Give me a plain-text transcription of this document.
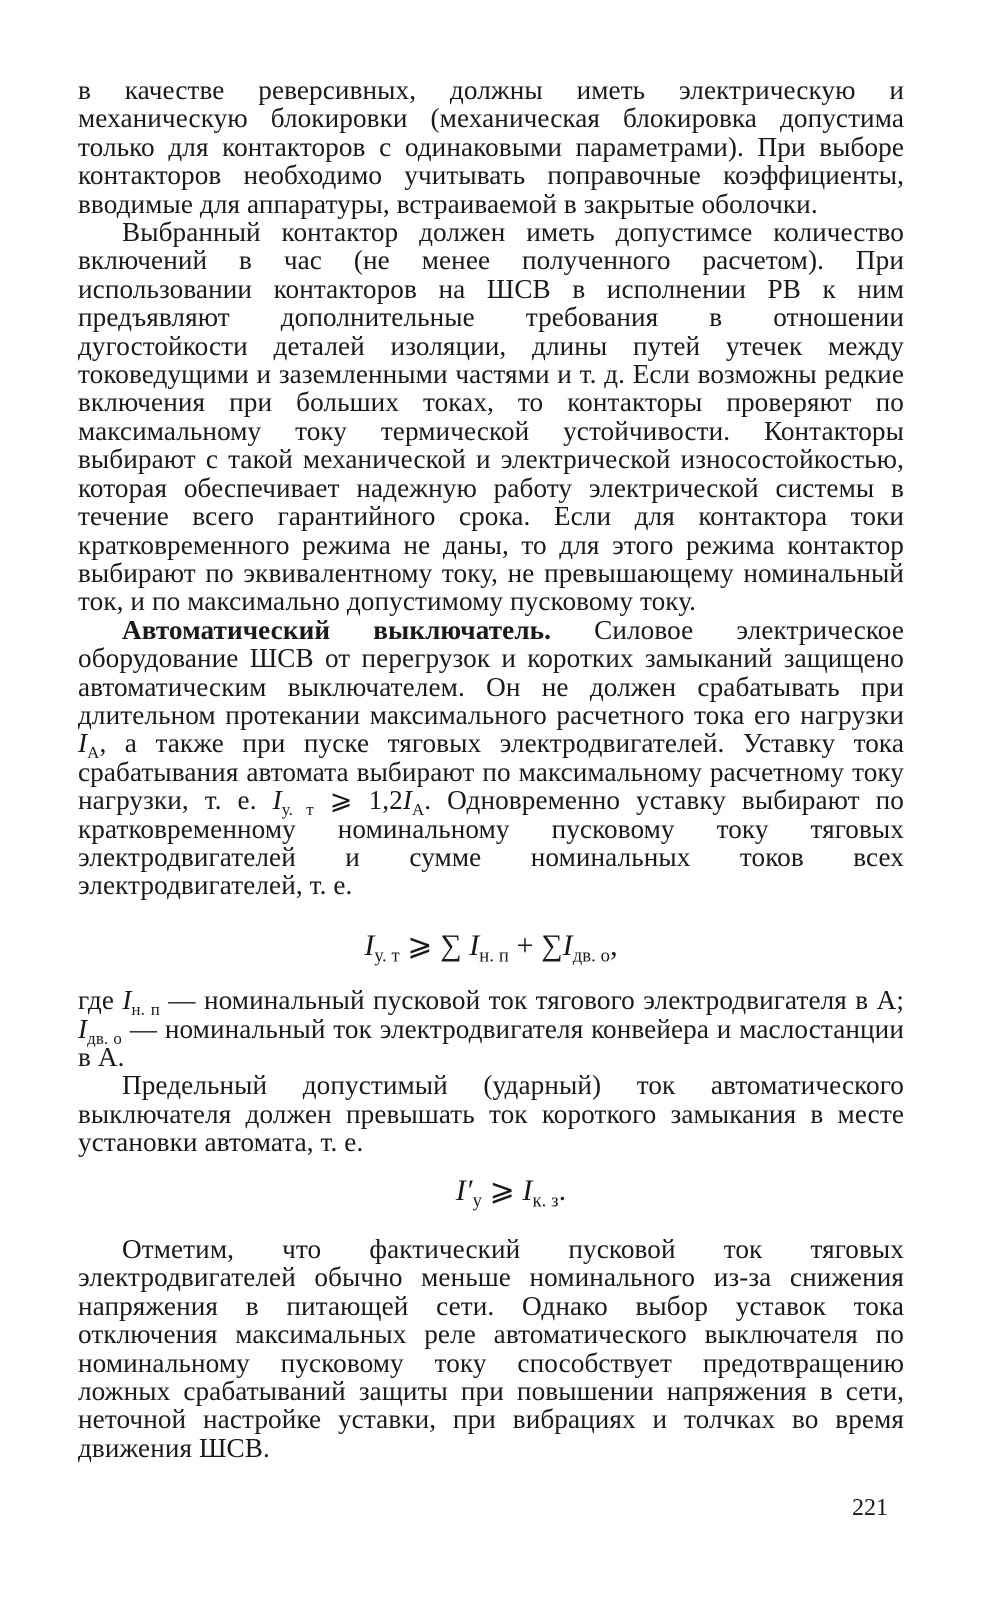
в качестве реверсивных, должны иметь электрическую и механическую блокировки (механическая блокировка допустима только для контакторов с одинаковыми параметрами). При выборе контакторов необходимо учитывать поправочные коэффициенты, вводимые для аппаратуры, встраиваемой в закрытые оболочки.

Выбранный контактор должен иметь допустимсе количество включений в час (не менее полученного расчетом). При использовании контакторов на ШСВ в исполнении РВ к ним предъявляют дополнительные требования в отношении дугостойкости деталей изоляции, длины путей утечек между токоведущими и заземленными частями и т. д. Если возможны редкие включения при больших токах, то контакторы проверяют по максимальному току термической устойчивости. Контакторы выбирают с такой механической и электрической износостойкостью, которая обеспечивает надежную работу электрической системы в течение всего гарантийного срока. Если для контактора токи кратковременного режима не даны, то для этого режима контактор выбирают по эквивалентному току, не превышающему номинальный ток, и по максимально допустимому пусковому току.

Автоматический выключатель. Силовое электрическое оборудование ШСВ от перегрузок и коротких замыканий защищено автоматическим выключателем. Он не должен срабатывать при длительном протекании максимального расчетного тока его нагрузки $I_A$, а также при пуске тяговых электродвигателей. Уставку тока срабатывания автомата выбирают по максимальному расчетному току нагрузки, т. е. $I_{у. т}$ ⩾ $1,2I_A$. Одновременно уставку выбирают по кратковременному номинальному пусковому току тяговых электродвигателей и сумме номинальных токов всех электродвигателей, т. е.

$I_{у. т}$ ⩾ ∑ $I_{н. п} + \sum I_{дв. о}$,

где $I_{н. п}$ — номинальный пусковой ток тягового электродвигателя в А; $I_{дв. о}$ — номинальный ток электродвигателя конвейера и маслостанции в А.

Предельный допустимый (ударный) ток автоматического выключателя должен превышать ток короткого замыкания в месте установки автомата, т. е.

$I'_у$ ⩾ $I_{к. з}$.

Отметим, что фактический пусковой ток тяговых электродвигателей обычно меньше номинального из-за снижения напряжения в питающей сети. Однако выбор уставок тока отключения максимальных реле автоматического выключателя по номинальному пусковому току способствует предотвращению ложных срабатываний защиты при повышении напряжения в сети, неточной настройке уставки, при вибрациях и толчках во время движения ШСВ.

221
